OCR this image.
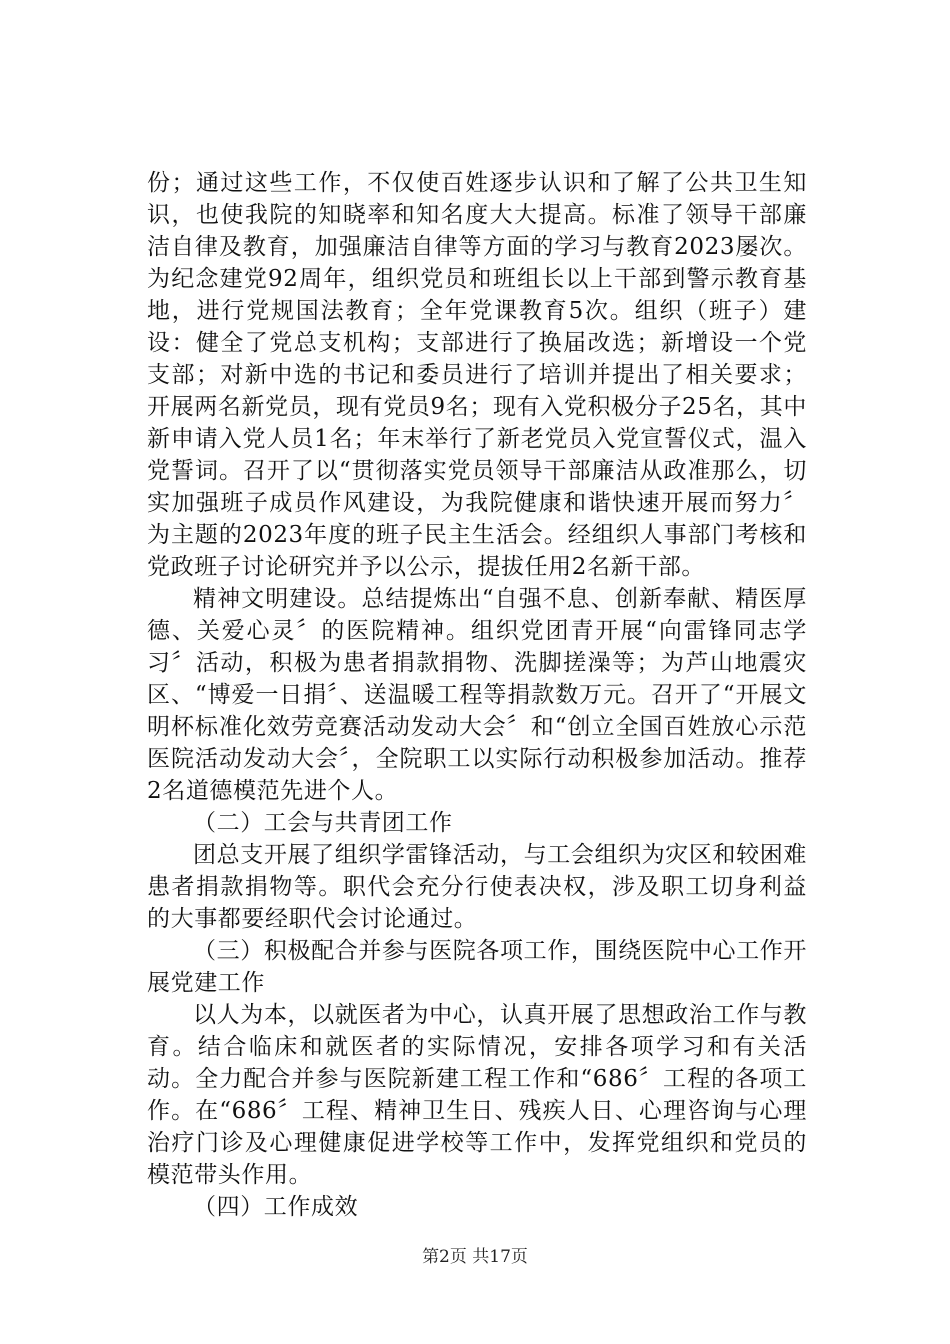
份；通过这些工作，不仅使百姓逐步认识和了解了公共卫生知识，也使我院的知晓率和知名度大大提高。标准了领导干部廉洁自律及教育，加强廉洁自律等方面的学习与教育2023屡次。为纪念建党92周年，组织党员和班组长以上干部到警示教育基地，进行党规国法教育；全年党课教育5次。组织（班子）建设：健全了党总支机构；支部进行了换届改选；新增设一个党支部；对新中选的书记和委员进行了培训并提出了相关要求；开展两名新党员，现有党员9名；现有入党积极分子25名，其中新申请入党人员1名；年末举行了新老党员入党宣誓仪式，温入党誓词。召开了以“贯彻落实党员领导干部廉洁从政准那么，切实加强班子成员作风建设，为我院健康和谐快速开展而努力〞为主题的2023年度的班子民主生活会。经组织人事部门考核和党政班子讨论研究并予以公示，提拔任用2名新干部。

精神文明建设。总结提炼出“自强不息、创新奉献、精医厚德、关爱心灵〞的医院精神。组织党团青开展“向雷锋同志学习〞活动，积极为患者捐款捐物、洗脚搓澡等；为芦山地震灾区、“博爱一日捐〞、送温暖工程等捐款数万元。召开了“开展文明杯标准化效劳竞赛活动发动大会〞和“创立全国百姓放心示范医院活动发动大会〞，全院职工以实际行动积极参加活动。推荐2名道德模范先进个人。

（二）工会与共青团工作

团总支开展了组织学雷锋活动，与工会组织为灾区和较困难患者捐款捐物等。职代会充分行使表决权，涉及职工切身利益的大事都要经职代会讨论通过。

（三）积极配合并参与医院各项工作，围绕医院中心工作开展党建工作

以人为本，以就医者为中心，认真开展了思想政治工作与教育。结合临床和就医者的实际情况，安排各项学习和有关活动。全力配合并参与医院新建工程工作和“686〞工程的各项工作。在“686〞工程、精神卫生日、残疾人日、心理咨询与心理治疗门诊及心理健康促进学校等工作中，发挥党组织和党员的模范带头作用。

（四）工作成效

第2页 共17页
